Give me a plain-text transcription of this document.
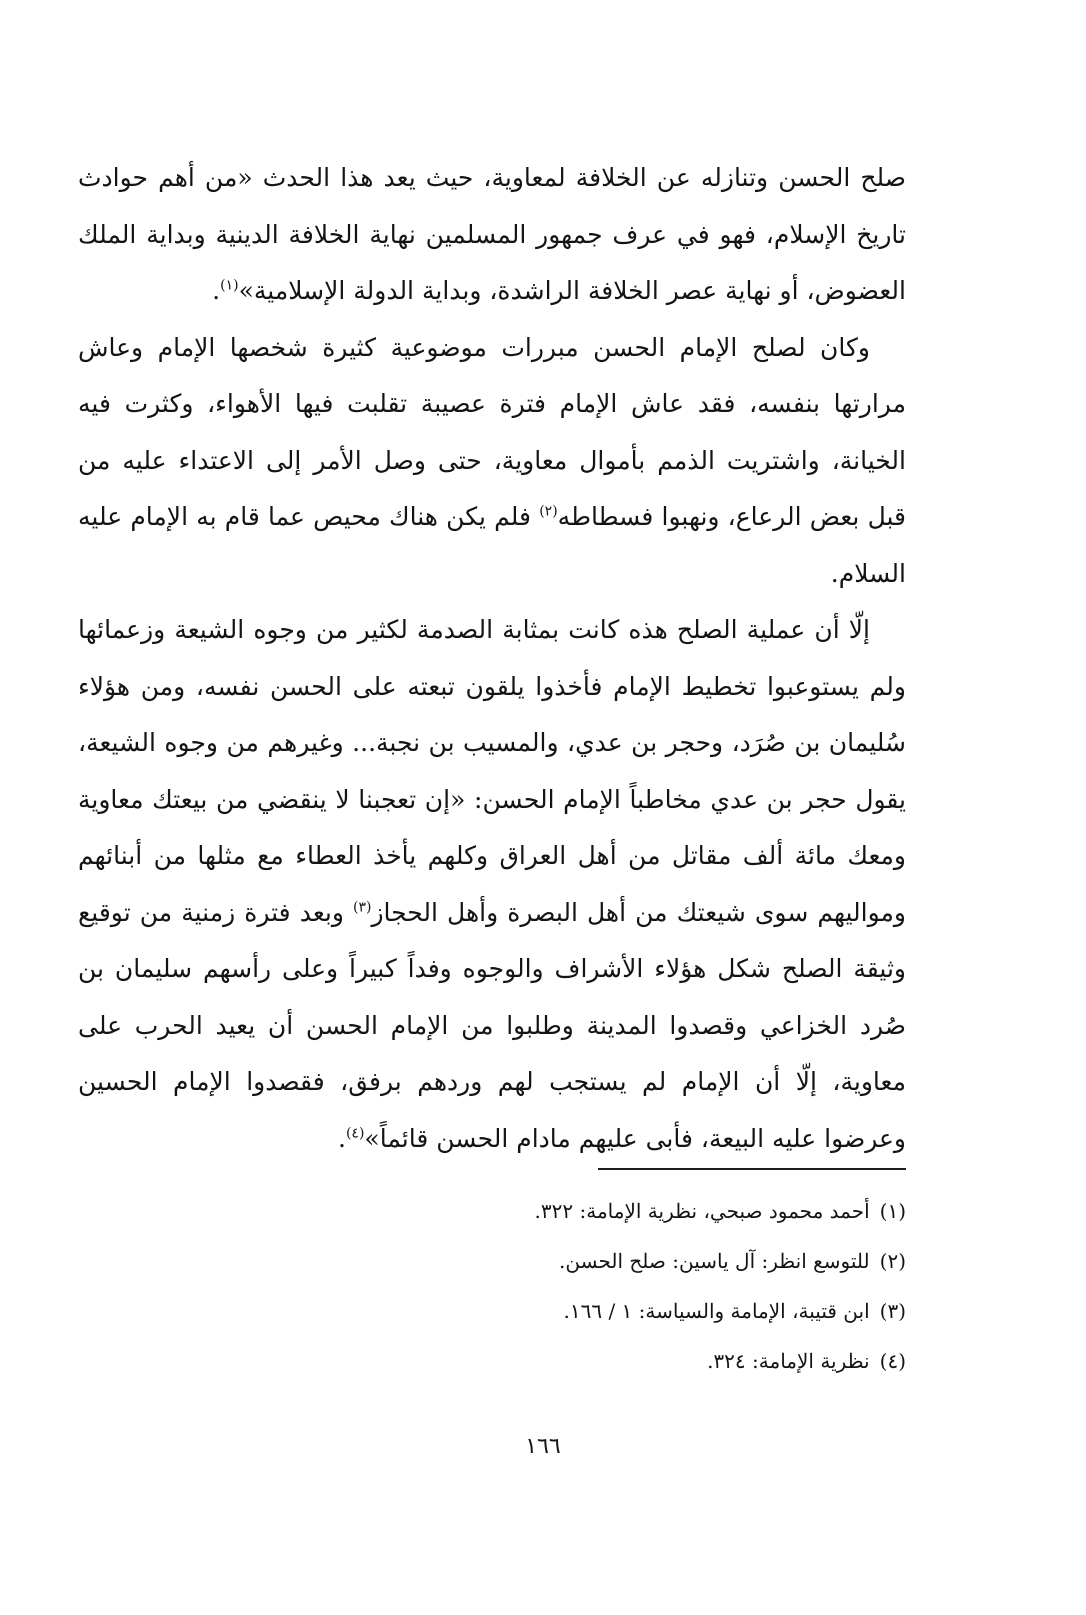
صلح الحسن وتنازله عن الخلافة لمعاوية، حيث يعد هذا الحدث «من أهم حوادث تاريخ الإسلام، فهو في عرف جمهور المسلمين نهاية الخلافة الدينية وبداية الملك العضوض، أو نهاية عصر الخلافة الراشدة، وبداية الدولة الإسلامية»$^{(١)}$.

وكان لصلح الإمام الحسن مبررات موضوعية كثيرة شخصها الإمام وعاش مرارتها بنفسه، فقد عاش الإمام فترة عصيبة تقلبت فيها الأهواء، وكثرت فيه الخيانة، واشتريت الذمم بأموال معاوية، حتى وصل الأمر إلى الاعتداء عليه من قبل بعض الرعاع، ونهبوا فسطاطه$^{(٢)}$ فلم يكن هناك محيص عما قام به الإمام عليه السلام.

إلّا أن عملية الصلح هذه كانت بمثابة الصدمة لكثير من وجوه الشيعة وزعمائها ولم يستوعبوا تخطيط الإمام فأخذوا يلقون تبعته على الحسن نفسه، ومن هؤلاء سُليمان بن صُرَد، وحجر بن عدي، والمسيب بن نجبة... وغيرهم من وجوه الشيعة، يقول حجر بن عدي مخاطباً الإمام الحسن: «إن تعجبنا لا ينقضي من بيعتك معاوية ومعك مائة ألف مقاتل من أهل العراق وكلهم يأخذ العطاء مع مثلها من أبنائهم ومواليهم سوى شيعتك من أهل البصرة وأهل الحجاز$^{(٣)}$ وبعد فترة زمنية من توقيع وثيقة الصلح شكل هؤلاء الأشراف والوجوه وفداً كبيراً وعلى رأسهم سليمان بن صُرد الخزاعي وقصدوا المدينة وطلبوا من الإمام الحسن أن يعيد الحرب على معاوية، إلّا أن الإمام لم يستجب لهم وردهم برفق، فقصدوا الإمام الحسين وعرضوا عليه البيعة، فأبى عليهم مادام الحسن قائماً»$^{(٤)}$.

(١)أحمد محمود صبحي، نظرية الإمامة: ٣٢٢.

(٢)للتوسع انظر: آل ياسين: صلح الحسن.

(٣)ابن قتيبة، الإمامة والسياسة: ١ / ١٦٦.

(٤)نظرية الإمامة: ٣٢٤.

١٦٦
